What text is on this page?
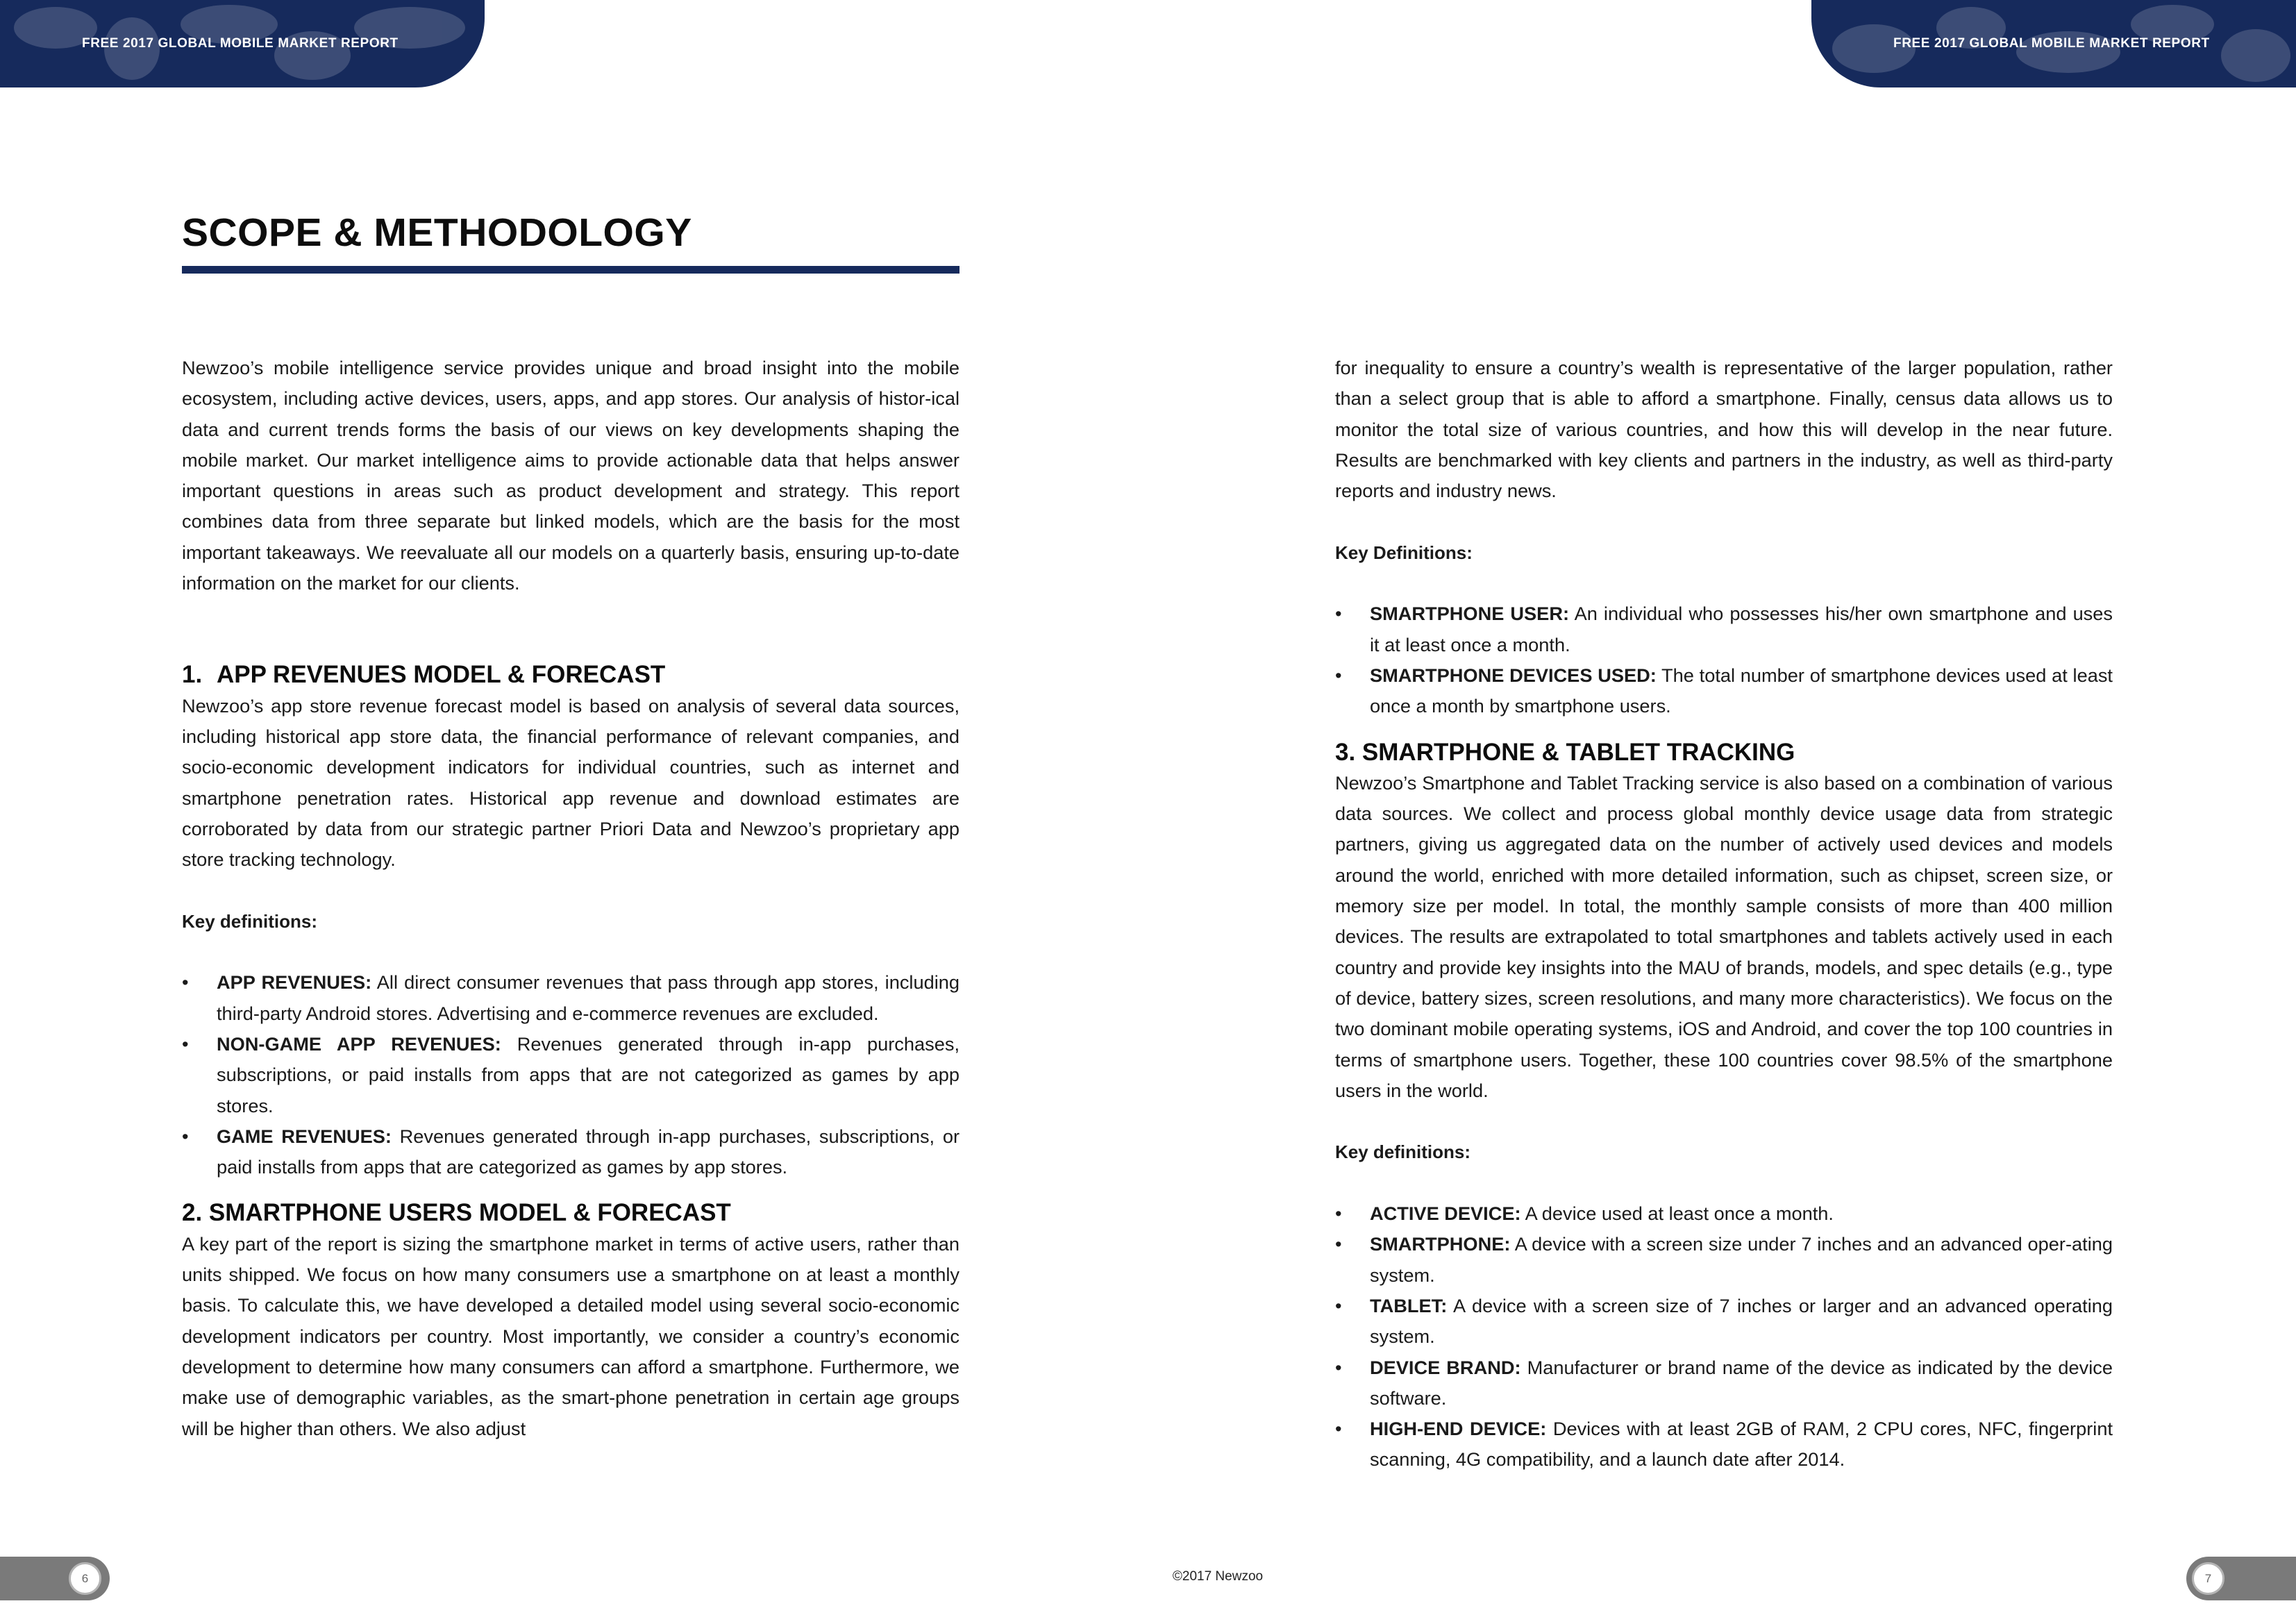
FREE 2017 GLOBAL MOBILE MARKET REPORT	FREE 2017 GLOBAL MOBILE MARKET REPORT
SCOPE & METHODOLOGY

Newzoo’s mobile intelligence service provides unique and broad insight into the mobile ecosystem, including active devices, users, apps, and app stores. Our analysis of histor-ical data and current trends forms the basis of our views on key developments shaping the mobile market. Our market intelligence aims to provide actionable data that helps answer important questions in areas such as product development and strategy. This report combines data from three separate but linked models, which are the basis for the most important takeaways. We reevaluate all our models on a quarterly basis, ensuring up-to-date information on the market for our clients.

1. APP REVENUES MODEL & FORECAST

Newzoo’s app store revenue forecast model is based on analysis of several data sources, including historical app store data, the financial performance of relevant companies, and socio-economic development indicators for individual countries, such as internet and smartphone penetration rates. Historical app revenue and download estimates are corroborated by data from our strategic partner Priori Data and Newzoo’s proprietary app store tracking technology.

Key definitions:

• APP REVENUES: All direct consumer revenues that pass through app stores, including third-party Android stores. Advertising and e-commerce revenues are excluded.
• NON-GAME APP REVENUES: Revenues generated through in-app purchases, subscriptions, or paid installs from apps that are not categorized as games by app stores.
• GAME REVENUES: Revenues generated through in-app purchases, subscriptions, or paid installs from apps that are categorized as games by app stores.
2. SMARTPHONE USERS MODEL & FORECAST

A key part of the report is sizing the smartphone market in terms of active users, rather than units shipped. We focus on how many consumers use a smartphone on at least a monthly basis. To calculate this, we have developed a detailed model using several socio-economic development indicators per country. Most importantly, we consider a country’s economic development to determine how many consumers can afford a smartphone. Furthermore, we make use of demographic variables, as the smart-phone penetration in certain age groups will be higher than others. We also adjust

for inequality to ensure a country’s wealth is representative of the larger population, rather than a select group that is able to afford a smartphone. Finally, census data allows us to monitor the total size of various countries, and how this will develop in the near future. Results are benchmarked with key clients and partners in the industry, as well as third-party reports and industry news.

Key Definitions:

• SMARTPHONE USER: An individual who possesses his/her own smartphone and uses it at least once a month.
• SMARTPHONE DEVICES USED: The total number of smartphone devices used at least once a month by smartphone users.
3. SMARTPHONE & TABLET TRACKING

Newzoo’s Smartphone and Tablet Tracking service is also based on a combination of various data sources. We collect and process global monthly device usage data from strategic partners, giving us aggregated data on the number of actively used devices and models around the world, enriched with more detailed information, such as chipset, screen size, or memory size per model. In total, the monthly sample consists of more than 400 million devices. The results are extrapolated to total smartphones and tablets actively used in each country and provide key insights into the MAU of brands, models, and spec details (e.g., type of device, battery sizes, screen resolutions, and many more characteristics). We focus on the two dominant mobile operating systems, iOS and Android, and cover the top 100 countries in terms of smartphone users. Together, these 100 countries cover 98.5% of the smartphone users in the world.

Key definitions:

• ACTIVE DEVICE: A device used at least once a month.
• SMARTPHONE: A device with a screen size under 7 inches and an advanced oper-ating system.
• TABLET: A device with a screen size of 7 inches or larger and an advanced operating system.
• DEVICE BRAND: Manufacturer or brand name of the device as indicated by the device software.
• HIGH-END DEVICE: Devices with at least 2GB of RAM, 2 CPU cores, NFC, fingerprint scanning, 4G compatibility, and a launch date after 2014.
6	7
©2017 Newzoo
